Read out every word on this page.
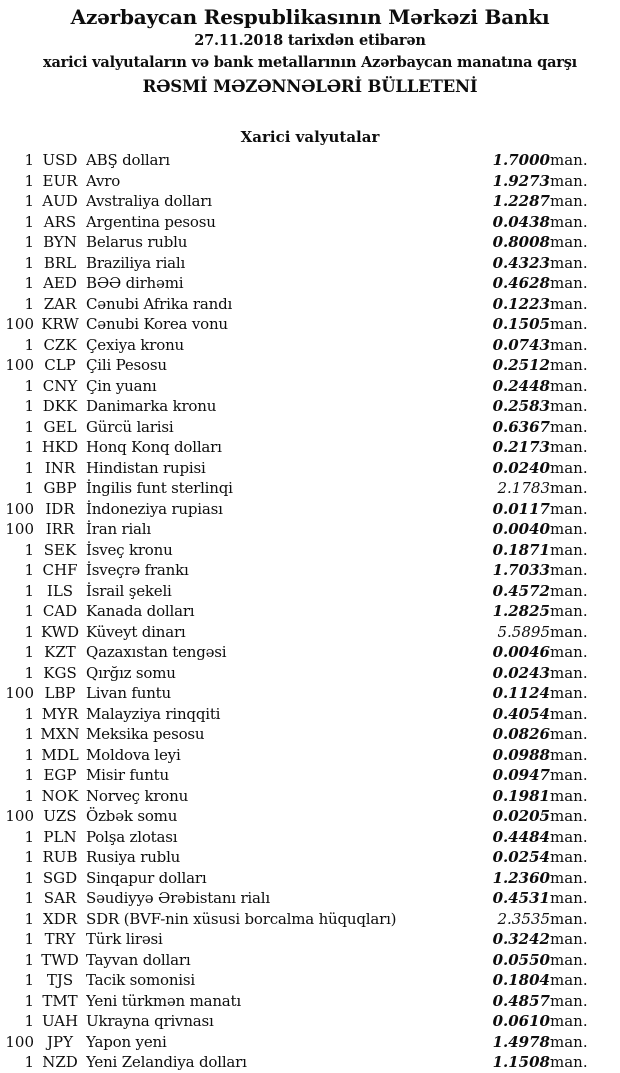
Azərbaycan Respublikasının Mərkəzi Bankı
27.11.2018 tarixdən etibarən
xarici valyutaların və bank metallarının Azərbaycan manatına qarşı
RƏSMİ MƏZƏNNƏLƏRİ BÜLLETENİ
Xarici valyutalar
1	USD	ABŞ dolları	1.7000	man.
1	EUR	Avro	1.9273	man.
1	AUD	Avstraliya dolları	1.2287	man.
1	ARS	Argentina pesosu	0.0438	man.
1	BYN	Belarus rublu	0.8008	man.
1	BRL	Braziliya rialı	0.4323	man.
1	AED	BƏƏ dirhəmi	0.4628	man.
1	ZAR	Cənubi Afrika randı	0.1223	man.
100	KRW	Cənubi Korea vonu	0.1505	man.
1	CZK	Çexiya kronu	0.0743	man.
100	CLP	Çili Pesosu	0.2512	man.
1	CNY	Çin yuanı	0.2448	man.
1	DKK	Danimarka kronu	0.2583	man.
1	GEL	Gürcü larisi	0.6367	man.
1	HKD	Honq Konq dolları	0.2173	man.
1	INR	Hindistan rupisi	0.0240	man.
1	GBP	İngilis funt sterlinqi	2.1783	man.
100	IDR	İndoneziya rupiası	0.0117	man.
100	IRR	İran rialı	0.0040	man.
1	SEK	İsveç kronu	0.1871	man.
1	CHF	İsveçrə frankı	1.7033	man.
1	ILS	İsrail şekeli	0.4572	man.
1	CAD	Kanada dolları	1.2825	man.
1	KWD	Küveyt dinarı	5.5895	man.
1	KZT	Qazaxıstan tengəsi	0.0046	man.
1	KGS	Qırğız somu	0.0243	man.
100	LBP	Livan funtu	0.1124	man.
1	MYR	Malayziya rinqqiti	0.4054	man.
1	MXN	Meksika pesosu	0.0826	man.
1	MDL	Moldova leyi	0.0988	man.
1	EGP	Misir funtu	0.0947	man.
1	NOK	Norveç kronu	0.1981	man.
100	UZS	Özbək somu	0.0205	man.
1	PLN	Polşa zlotası	0.4484	man.
1	RUB	Rusiya rublu	0.0254	man.
1	SGD	Sinqapur dolları	1.2360	man.
1	SAR	Səudiyyə Ərəbistanı rialı	0.4531	man.
1	XDR	SDR (BVF-nin xüsusi borcalma hüquqları)	2.3535	man.
1	TRY	Türk lirəsi	0.3242	man.
1	TWD	Tayvan dolları	0.0550	man.
1	TJS	Tacik somonisi	0.1804	man.
1	TMT	Yeni türkmən manatı	0.4857	man.
1	UAH	Ukrayna qrivnası	0.0610	man.
100	JPY	Yapon yeni	1.4978	man.
1	NZD	Yeni Zelandiya dolları	1.1508	man.
